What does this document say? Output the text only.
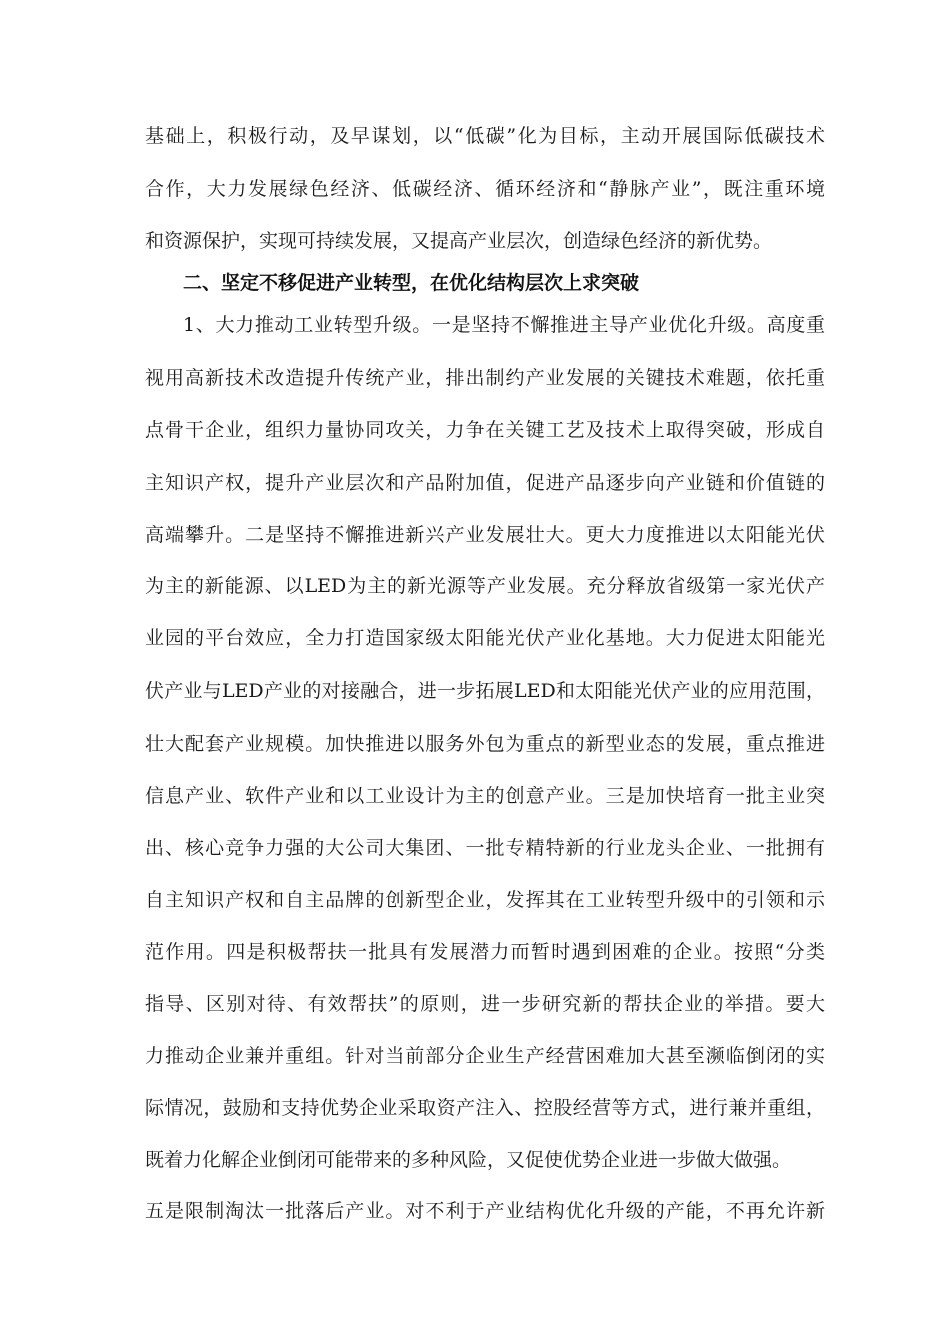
基础上，积极行动，及早谋划，以“低碳”化为目标，主动开展国际低碳技术
合作，大力发展绿色经济、低碳经济、循环经济和“静脉产业”，既注重环境
和资源保护，实现可持续发展，又提高产业层次，创造绿色经济的新优势。
二、坚定不移促进产业转型，在优化结构层次上求突破
1、大力推动工业转型升级。一是坚持不懈推进主导产业优化升级。高度重
视用高新技术改造提升传统产业，排出制约产业发展的关键技术难题，依托重
点骨干企业，组织力量协同攻关，力争在关键工艺及技术上取得突破，形成自
主知识产权，提升产业层次和产品附加值，促进产品逐步向产业链和价值链的
高端攀升。二是坚持不懈推进新兴产业发展壮大。更大力度推进以太阳能光伏
为主的新能源、以LED为主的新光源等产业发展。充分释放省级第一家光伏产
业园的平台效应，全力打造国家级太阳能光伏产业化基地。大力促进太阳能光
伏产业与LED产业的对接融合，进一步拓展LED和太阳能光伏产业的应用范围，
壮大配套产业规模。加快推进以服务外包为重点的新型业态的发展，重点推进
信息产业、软件产业和以工业设计为主的创意产业。三是加快培育一批主业突
出、核心竞争力强的大公司大集团、一批专精特新的行业龙头企业、一批拥有
自主知识产权和自主品牌的创新型企业，发挥其在工业转型升级中的引领和示
范作用。四是积极帮扶一批具有发展潜力而暂时遇到困难的企业。按照“分类
指导、区别对待、有效帮扶”的原则，进一步研究新的帮扶企业的举措。要大
力推动企业兼并重组。针对当前部分企业生产经营困难加大甚至濒临倒闭的实
际情况，鼓励和支持优势企业采取资产注入、控股经营等方式，进行兼并重组，
既着力化解企业倒闭可能带来的多种风险，又促使优势企业进一步做大做强。
五是限制淘汰一批落后产业。对不利于产业结构优化升级的产能，不再允许新
